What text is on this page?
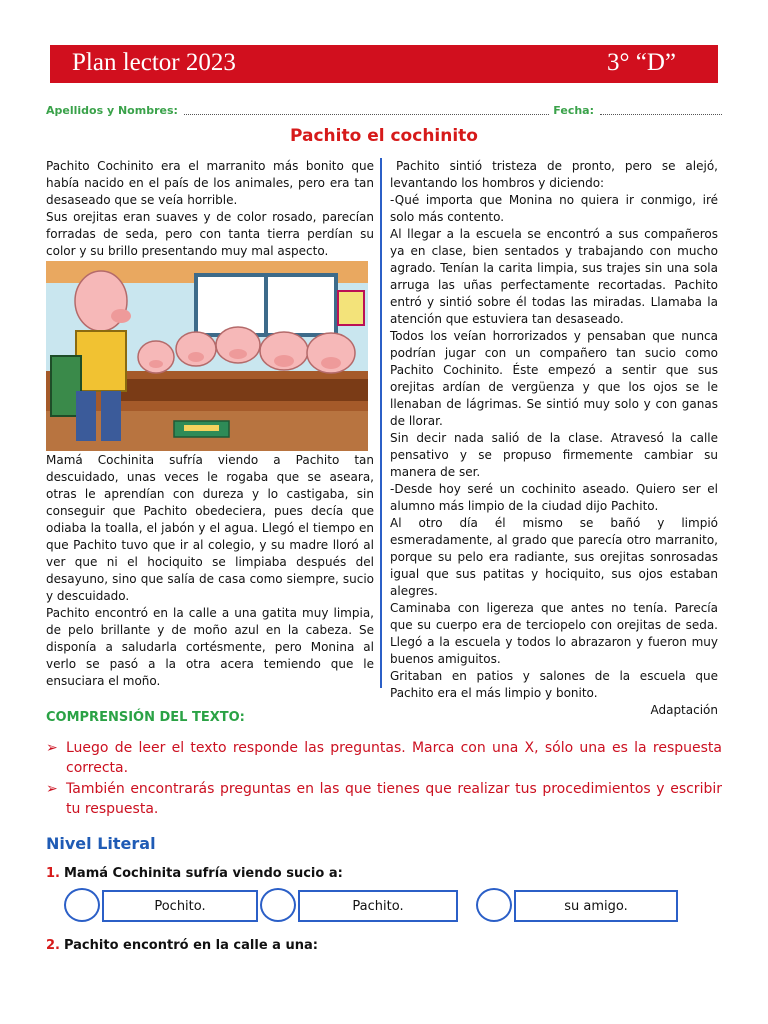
Plan lector 2023	3° “D”
Apellidos y Nombres:	Fecha:
Pachito el cochinito

Pachito Cochinito era el marranito más bonito que había nacido en el país de los animales, pero era tan desaseado que se veía horrible.

Sus orejitas eran suaves y de color rosado, parecían forradas de seda, pero con tanta tierra perdían su color y su brillo presentando muy mal aspecto.

Mamá Cochinita sufría viendo a Pachito tan descuidado, unas veces le rogaba que se aseara, otras le aprendían con dureza y lo castigaba, sin conseguir que Pachito obedeciera, pues decía que odiaba la toalla, el jabón y el agua. Llegó el tiempo en que Pachito tuvo que ir al colegio, y su madre lloró al ver que ni el hociquito se limpiaba después del desayuno, sino que salía de casa como siempre, sucio y descuidado.

Pachito encontró en la calle a una gatita muy limpia, de pelo brillante y de moño azul en la cabeza. Se disponía a saludarla cortésmente, pero Monina al verlo se pasó a la otra acera temiendo que le ensuciara el moño.

Pachito sintió tristeza de pronto, pero se alejó, levantando los hombros y diciendo:

-Qué importa que Monina no quiera ir conmigo, iré solo más contento.

Al llegar a la escuela se encontró a sus compañeros ya en clase, bien sentados y trabajando con mucho agrado. Tenían la carita limpia, sus trajes sin una sola arruga las uñas perfectamente recortadas. Pachito entró y sintió sobre él todas las miradas. Llamaba la atención que estuviera tan desaseado.

Todos los veían horrorizados y pensaban que nunca podrían jugar con un compañero tan sucio como Pachito Cochinito. Éste empezó a sentir que sus orejitas ardían de vergüenza y que los ojos se le llenaban de lágrimas. Se sintió muy solo y con ganas de llorar.

Sin decir nada salió de la clase. Atravesó la calle pensativo y se propuso firmemente cambiar su manera de ser.

-Desde hoy seré un cochinito aseado. Quiero ser el alumno más limpio de la ciudad dijo Pachito.

Al otro día él mismo se bañó y limpió esmeradamente, al grado que parecía otro marranito, porque su pelo era radiante, sus orejitas sonrosadas igual que sus patitas y hociquito, sus ojos estaban alegres.

Caminaba con ligereza que antes no tenía. Parecía que su cuerpo era de terciopelo con orejitas de seda. Llegó a la escuela y todos lo abrazaron y fueron muy buenos amiguitos.

Gritaban en patios y salones de la escuela que Pachito era el más limpio y bonito.

Adaptación

COMPRENSIÓN DEL TEXTO:
➢ Luego de leer el texto responde las preguntas. Marca con una X, sólo una es la respuesta correcta.
➢ También encontrarás preguntas en las que tienes que realizar tus procedimientos y escribir tu respuesta.
Nivel Literal
1. Mamá Cochinita sufría viendo sucio a:
Pochito.	Pachito.	su amigo.
2. Pachito encontró en la calle a una:
